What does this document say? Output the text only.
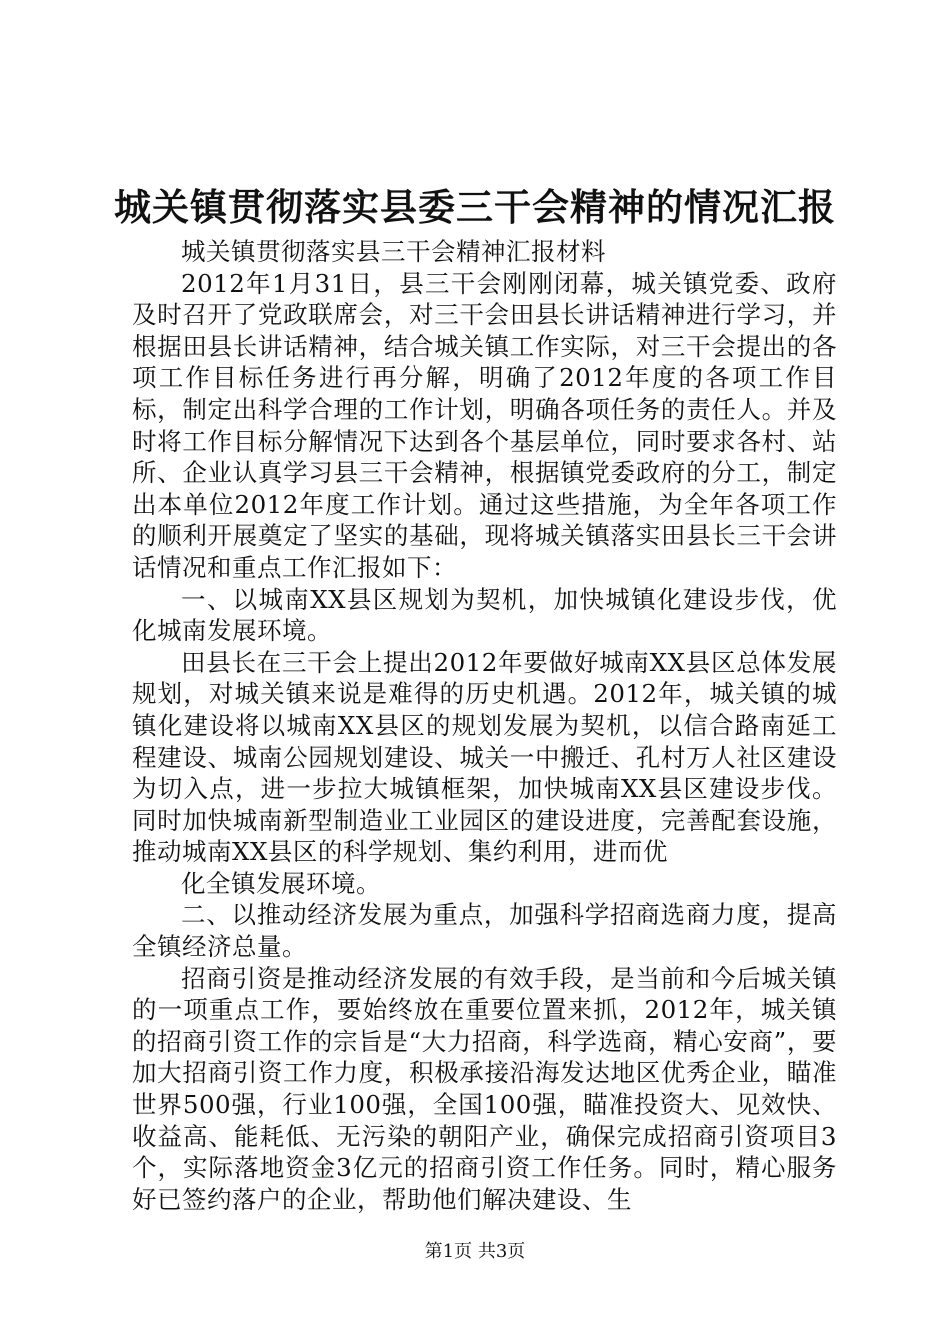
城关镇贯彻落实县委三干会精神的情况汇报

城关镇贯彻落实县三干会精神汇报材料

2012年1月31日，县三干会刚刚闭幕，城关镇党委、政府及时召开了党政联席会，对三干会田县长讲话精神进行学习，并根据田县长讲话精神，结合城关镇工作实际，对三干会提出的各项工作目标任务进行再分解，明确了2012年度的各项工作目标，制定出科学合理的工作计划，明确各项任务的责任人。并及时将工作目标分解情况下达到各个基层单位，同时要求各村、站所、企业认真学习县三干会精神，根据镇党委政府的分工，制定出本单位2012年度工作计划。通过这些措施，为全年各项工作的顺利开展奠定了坚实的基础，现将城关镇落实田县长三干会讲话情况和重点工作汇报如下：

一、以城南XX县区规划为契机，加快城镇化建设步伐，优化城南发展环境。

田县长在三干会上提出2012年要做好城南XX县区总体发展规划，对城关镇来说是难得的历史机遇。2012年，城关镇的城镇化建设将以城南XX县区的规划发展为契机，以信合路南延工程建设、城南公园规划建设、城关一中搬迁、孔村万人社区建设为切入点，进一步拉大城镇框架，加快城南XX县区建设步伐。同时加快城南新型制造业工业园区的建设进度，完善配套设施，推动城南XX县区的科学规划、集约利用，进而优

化全镇发展环境。

二、以推动经济发展为重点，加强科学招商选商力度，提高全镇经济总量。

招商引资是推动经济发展的有效手段，是当前和今后城关镇的一项重点工作，要始终放在重要位置来抓，2012年，城关镇的招商引资工作的宗旨是“大力招商，科学选商，精心安商”，要加大招商引资工作力度，积极承接沿海发达地区优秀企业，瞄准世界500强，行业100强，全国100强，瞄准投资大、见效快、收益高、能耗低、无污染的朝阳产业，确保完成招商引资项目3个，实际落地资金3亿元的招商引资工作任务。同时，精心服务好已签约落户的企业，帮助他们解决建设、生

第1页 共3页
